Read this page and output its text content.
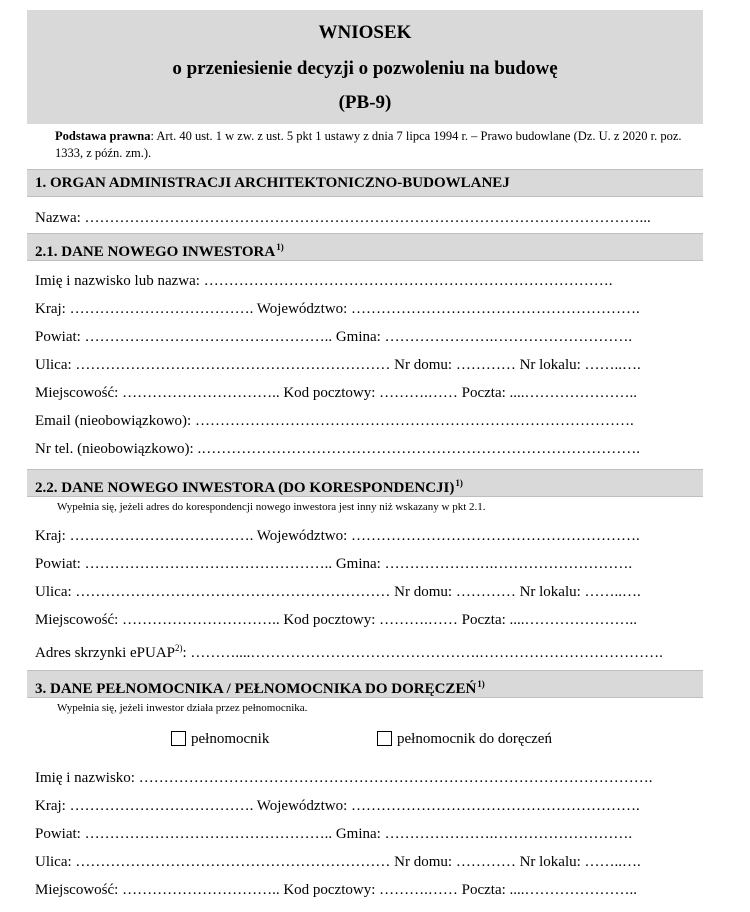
WNIOSEK
o przeniesienie decyzji o pozwoleniu na budowę
(PB-9)
Podstawa prawna: Art. 40 ust. 1 w zw. z ust. 5 pkt 1 ustawy z dnia 7 lipca 1994 r. – Prawo budowlane (Dz. U. z 2020 r. poz. 1333, z późn. zm.).
1. ORGAN ADMINISTRACJI ARCHITEKTONICZNO-BUDOWLANEJ
Nazwa: …………………………………………………………………………………………………...
2.1. DANE NOWEGO INWESTORA$^{1)}$
Imię i nazwisko lub nazwa: ……………………………………………………………………….
Kraj: ………………………………. Województwo: ………………………………………………….
Powiat: ………………………………………….. Gmina: ………………….……………………….
Ulica: ……………………………………………………… Nr domu: ………… Nr lokalu: ……..….
Miejscowość: ………………………….. Kod pocztowy: ……….…… Poczta: ....…………………..
Email (nieobowiązkowo): …………………………………………………………………………….
Nr tel. (nieobowiązkowo): .…………………………………………………………………………….
2.2. DANE NOWEGO INWESTORA (DO KORESPONDENCJI)$^{1)}$
Wypełnia się, jeżeli adres do korespondencji nowego inwestora jest inny niż wskazany w pkt 2.1.
Kraj: ………………………………. Województwo: ………………………………………………….
Powiat: ………………………………………….. Gmina: ………………….……………………….
Ulica: ……………………………………………………… Nr domu: ………… Nr lokalu: ……..….
Miejscowość: ………………………….. Kod pocztowy: ……….…… Poczta: ....…………………..
Adres skrzynki ePUAP$^{2)}$: ………....……………………………………….……………………………….
3. DANE PEŁNOMOCNIKA / PEŁNOMOCNIKA DO DORĘCZEŃ$^{1)}$
Wypełnia się, jeżeli inwestor działa przez pełnomocnika.
pełnomocnik	pełnomocnik do doręczeń
Imię i nazwisko: ………………………………………………………………………………………….
Kraj: ………………………………. Województwo: ………………………………………………….
Powiat: ………………………………………….. Gmina: ………………….……………………….
Ulica: ……………………………………………………… Nr domu: ………… Nr lokalu: ……..….
Miejscowość: ………………………….. Kod pocztowy: ……….…… Poczta: ....…………………..
